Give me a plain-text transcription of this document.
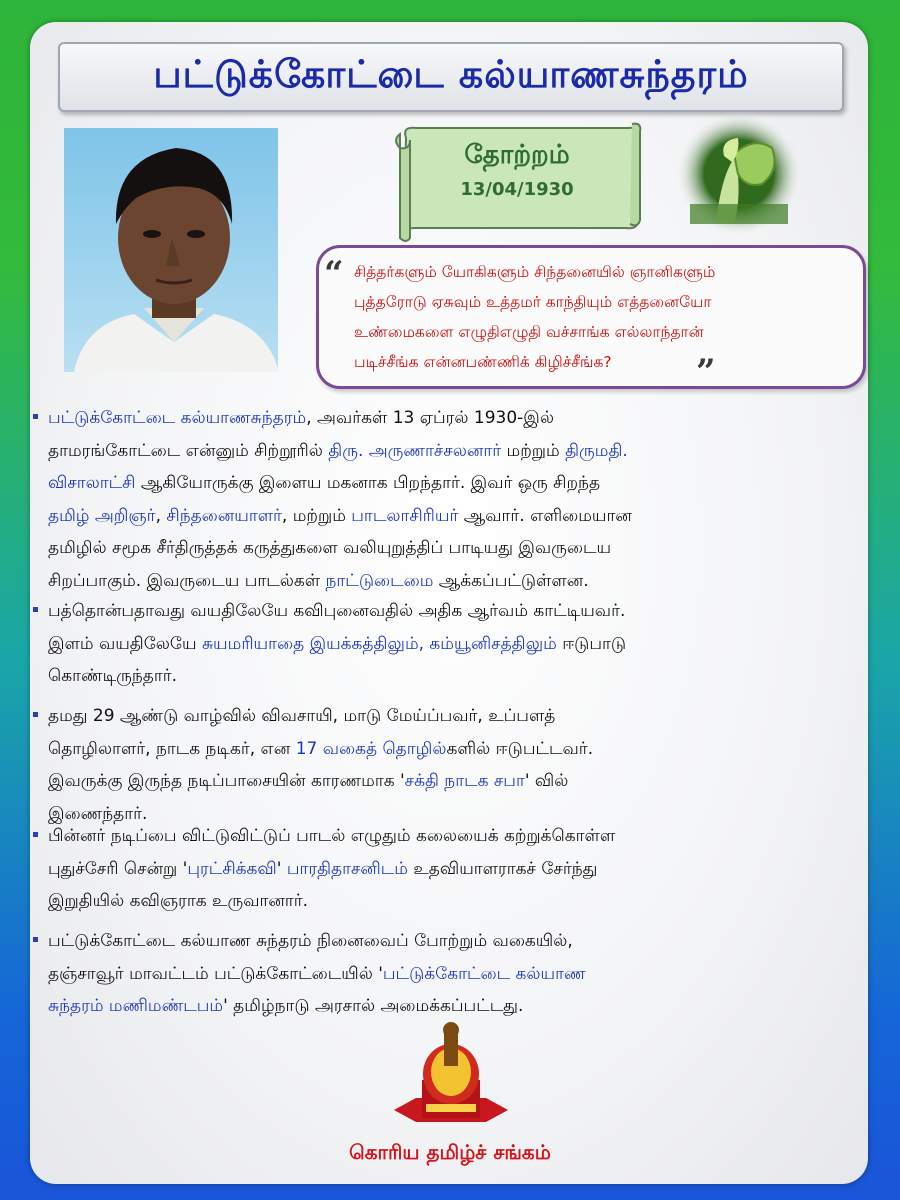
பட்டுக்கோட்டை கல்யாணசுந்தரம்
தோற்றம்
13/04/1930
“ சித்தர்களும் யோகிகளும் சிந்தனையில் ஞானிகளும்
புத்தரோடு ஏசுவும் உத்தமர் காந்தியும் எத்தனையோ
உண்மைகளை எழுதிஎழுதி வச்சாங்க எல்லாந்தான்
படிச்சீங்க என்னபண்ணிக் கிழிச்சீங்க? ”
பட்டுக்கோட்டை கல்யாணசுந்தரம், அவர்கள் 13 ஏப்ரல் 1930-இல்
தாமரங்கோட்டை என்னும் சிற்றூரில் திரு. அருணாச்சலனார் மற்றும் திருமதி.
விசாலாட்சி ஆகியோருக்கு இளைய மகனாக பிறந்தார். இவர் ஒரு சிறந்த
தமிழ் அறிஞர், சிந்தனையாளர், மற்றும் பாடலாசிரியர் ஆவார். எளிமையான
தமிழில் சமூக சீர்திருத்தக் கருத்துகளை வலியுறுத்திப் பாடியது இவருடைய
சிறப்பாகும். இவருடைய பாடல்கள் நாட்டுடைமை ஆக்கப்பட்டுள்ளன.
பத்தொன்பதாவது வயதிலேயே கவிபுனைவதில் அதிக ஆர்வம் காட்டியவர்.
இளம் வயதிலேயே சுயமரியாதை இயக்கத்திலும், கம்யூனிசத்திலும் ஈடுபாடு
கொண்டிருந்தார்.
தமது 29 ஆண்டு வாழ்வில் விவசாயி, மாடு மேய்ப்பவர், உப்பளத்
தொழிலாளர், நாடக நடிகர், என 17 வகைத் தொழில்களில் ஈடுபட்டவர்.
இவருக்கு இருந்த நடிப்பாசையின் காரணமாக 'சக்தி நாடக சபா' வில்
இணைந்தார்.
பின்னர் நடிப்பை விட்டுவிட்டுப் பாடல் எழுதும் கலையைக் கற்றுக்கொள்ள
புதுச்சேரி சென்று 'புரட்சிக்கவி' பாரதிதாசனிடம் உதவியாளராகச் சேர்ந்து
இறுதியில் கவிஞராக உருவானார்.
பட்டுக்கோட்டை கல்யாண சுந்தரம் நினைவைப் போற்றும் வகையில்,
தஞ்சாவூர் மாவட்டம் பட்டுக்கோட்டையில் 'பட்டுக்கோட்டை கல்யாண
சுந்தரம் மணிமண்டபம்' தமிழ்நாடு அரசால் அமைக்கப்பட்டது.
கொரிய தமிழ்ச் சங்கம்
